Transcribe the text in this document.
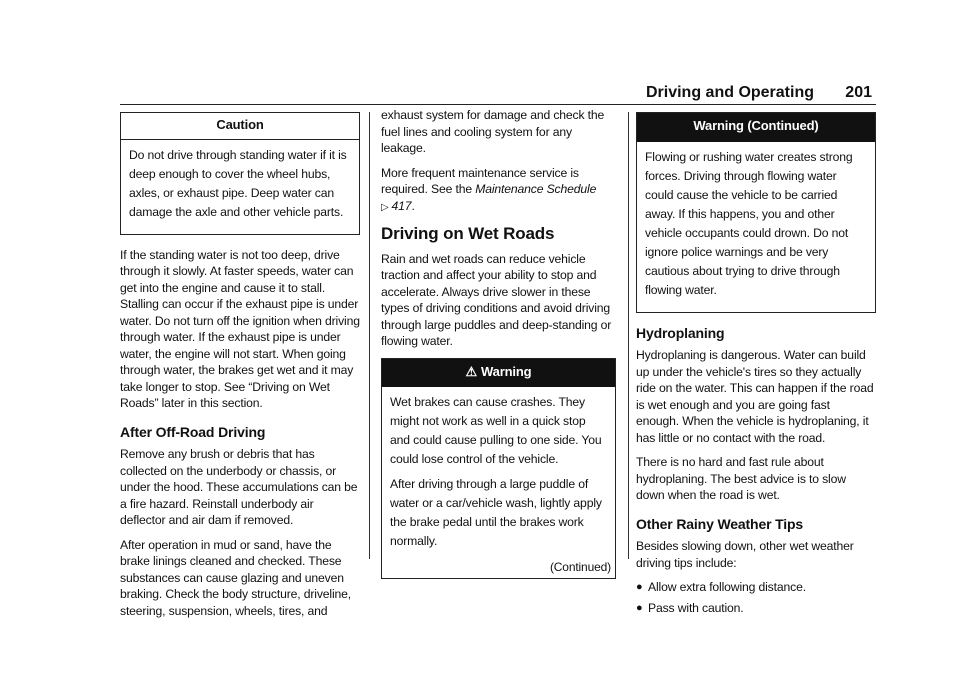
Driving and Operating 201
Caution

Do not drive through standing water if it is deep enough to cover the wheel hubs, axles, or exhaust pipe. Deep water can damage the axle and other vehicle parts.

If the standing water is not too deep, drive through it slowly. At faster speeds, water can get into the engine and cause it to stall. Stalling can occur if the exhaust pipe is under water. Do not turn off the ignition when driving through water. If the exhaust pipe is under water, the engine will not start. When going through water, the brakes get wet and it may take longer to stop. See “Driving on Wet Roads” later in this section.

After Off-Road Driving

Remove any brush or debris that has collected on the underbody or chassis, or under the hood. These accumulations can be a fire hazard. Reinstall underbody air deflector and air dam if removed.

After operation in mud or sand, have the brake linings cleaned and checked. These substances can cause glazing and uneven braking. Check the body structure, driveline, steering, suspension, wheels, tires, and

exhaust system for damage and check the fuel lines and cooling system for any leakage.

More frequent maintenance service is required. See the Maintenance Schedule
▷ 417.

Driving on Wet Roads

Rain and wet roads can reduce vehicle traction and affect your ability to stop and accelerate. Always drive slower in these types of driving conditions and avoid driving through large puddles and deep-standing or flowing water.

⚠ Warning

Wet brakes can cause crashes. They might not work as well in a quick stop and could cause pulling to one side. You could lose control of the vehicle.

After driving through a large puddle of water or a car/vehicle wash, lightly apply the brake pedal until the brakes work normally.

(Continued)
Warning (Continued)

Flowing or rushing water creates strong forces. Driving through flowing water could cause the vehicle to be carried away. If this happens, you and other vehicle occupants could drown. Do not ignore police warnings and be very cautious about trying to drive through flowing water.

Hydroplaning

Hydroplaning is dangerous. Water can build up under the vehicle's tires so they actually ride on the water. This can happen if the road is wet enough and you are going fast enough. When the vehicle is hydroplaning, it has little or no contact with the road.

There is no hard and fast rule about hydroplaning. The best advice is to slow down when the road is wet.

Other Rainy Weather Tips

Besides slowing down, other wet weather driving tips include:

● Allow extra following distance.
● Pass with caution.
